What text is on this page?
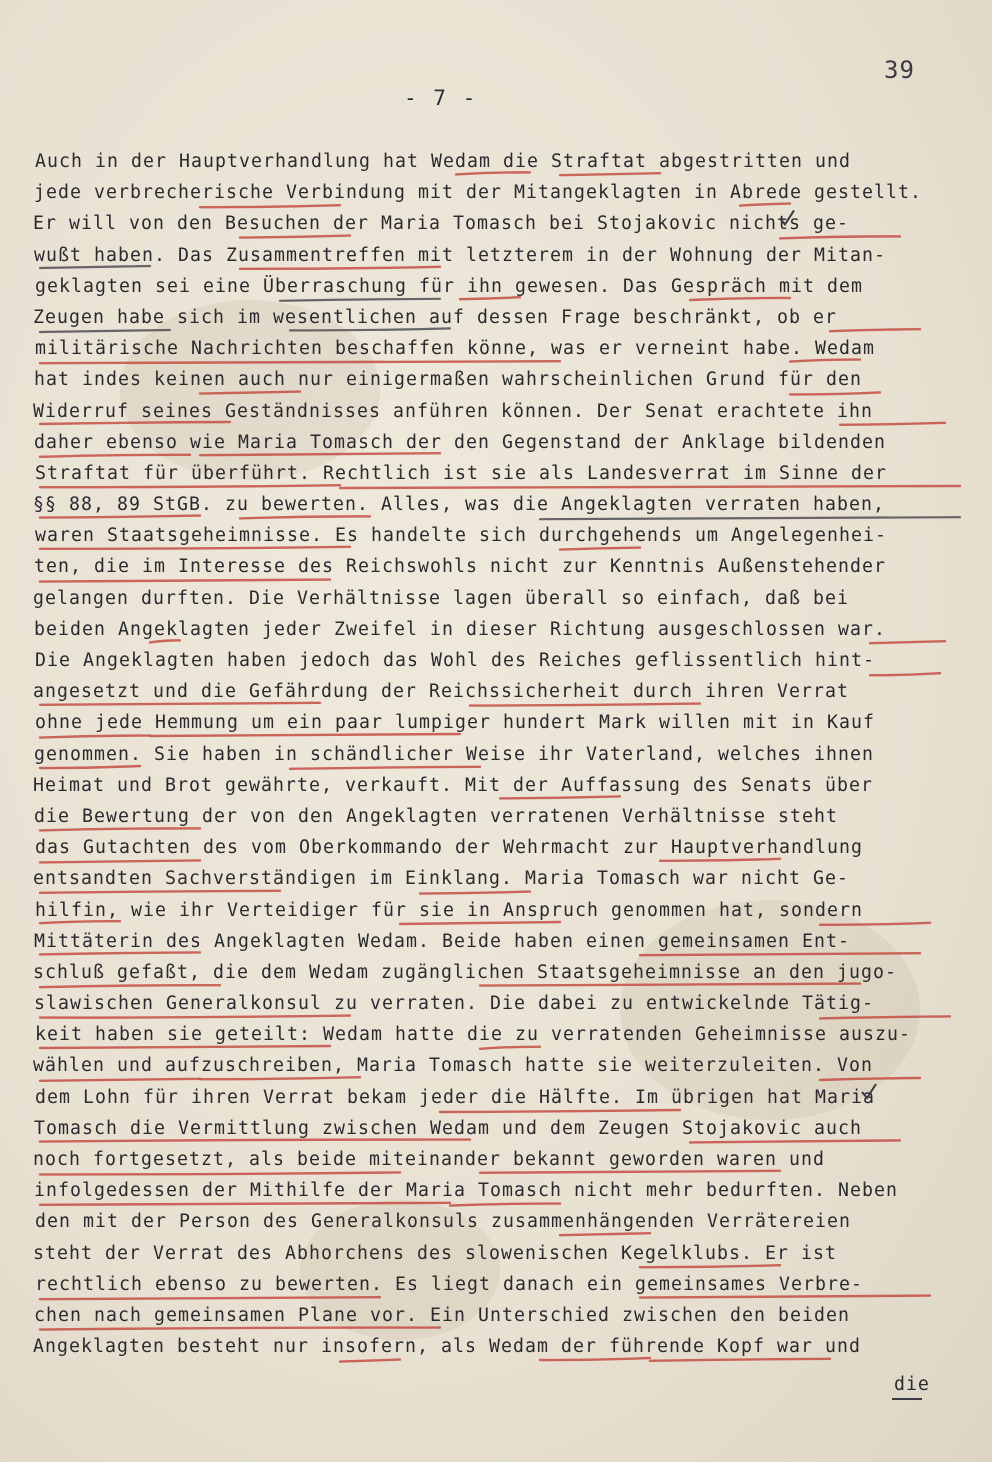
39
- 7 -
Auch in der Hauptverhandlung hat Wedam die Straftat abgestritten und
jede verbrecherische Verbindung mit der Mitangeklagten in Abrede gestellt.
Er will von den Besuchen der Maria Tomasch bei Stojakovic nichts ge-
wußt haben. Das Zusammentreffen mit letzterem in der Wohnung der Mitan-
geklagten sei eine Überraschung für ihn gewesen. Das Gespräch mit dem
Zeugen habe sich im wesentlichen auf dessen Frage beschränkt, ob er
militärische Nachrichten beschaffen könne, was er verneint habe. Wedam
hat indes keinen auch nur einigermaßen wahrscheinlichen Grund für den
Widerruf seines Geständnisses anführen können. Der Senat erachtete ihn
daher ebenso wie Maria Tomasch der den Gegenstand der Anklage bildenden
Straftat für überführt. Rechtlich ist sie als Landesverrat im Sinne der
§§ 88, 89 StGB. zu bewerten. Alles, was die Angeklagten verraten haben,
waren Staatsgeheimnisse. Es handelte sich durchgehends um Angelegenhei-
ten, die im Interesse des Reichswohls nicht zur Kenntnis Außenstehender
gelangen durften. Die Verhältnisse lagen überall so einfach, daß bei
beiden Angeklagten jeder Zweifel in dieser Richtung ausgeschlossen war.
Die Angeklagten haben jedoch das Wohl des Reiches geflissentlich hint-
angesetzt und die Gefährdung der Reichssicherheit durch ihren Verrat
ohne jede Hemmung um ein paar lumpiger hundert Mark willen mit in Kauf
genommen. Sie haben in schändlicher Weise ihr Vaterland, welches ihnen
Heimat und Brot gewährte, verkauft. Mit der Auffassung des Senats über
die Bewertung der von den Angeklagten verratenen Verhältnisse steht
das Gutachten des vom Oberkommando der Wehrmacht zur Hauptverhandlung
entsandten Sachverständigen im Einklang. Maria Tomasch war nicht Ge-
hilfin, wie ihr Verteidiger für sie in Anspruch genommen hat, sondern
Mittäterin des Angeklagten Wedam. Beide haben einen gemeinsamen Ent-
schluß gefaßt, die dem Wedam zugänglichen Staatsgeheimnisse an den jugo-
slawischen Generalkonsul zu verraten. Die dabei zu entwickelnde Tätig-
keit haben sie geteilt: Wedam hatte die zu verratenden Geheimnisse auszu-
wählen und aufzuschreiben, Maria Tomasch hatte sie weiterzuleiten. Von
dem Lohn für ihren Verrat bekam jeder die Hälfte. Im übrigen hat Maria
Tomasch die Vermittlung zwischen Wedam und dem Zeugen Stojakovic auch
noch fortgesetzt, als beide miteinander bekannt geworden waren und
infolgedessen der Mithilfe der Maria Tomasch nicht mehr bedurften. Neben
den mit der Person des Generalkonsuls zusammenhängenden Verrätereien
steht der Verrat des Abhorchens des slowenischen Kegelklubs. Er ist
rechtlich ebenso zu bewerten. Es liegt danach ein gemeinsames Verbre-
chen nach gemeinsamen Plane vor. Ein Unterschied zwischen den beiden
Angeklagten besteht nur insofern, als Wedam der führende Kopf war und
die
